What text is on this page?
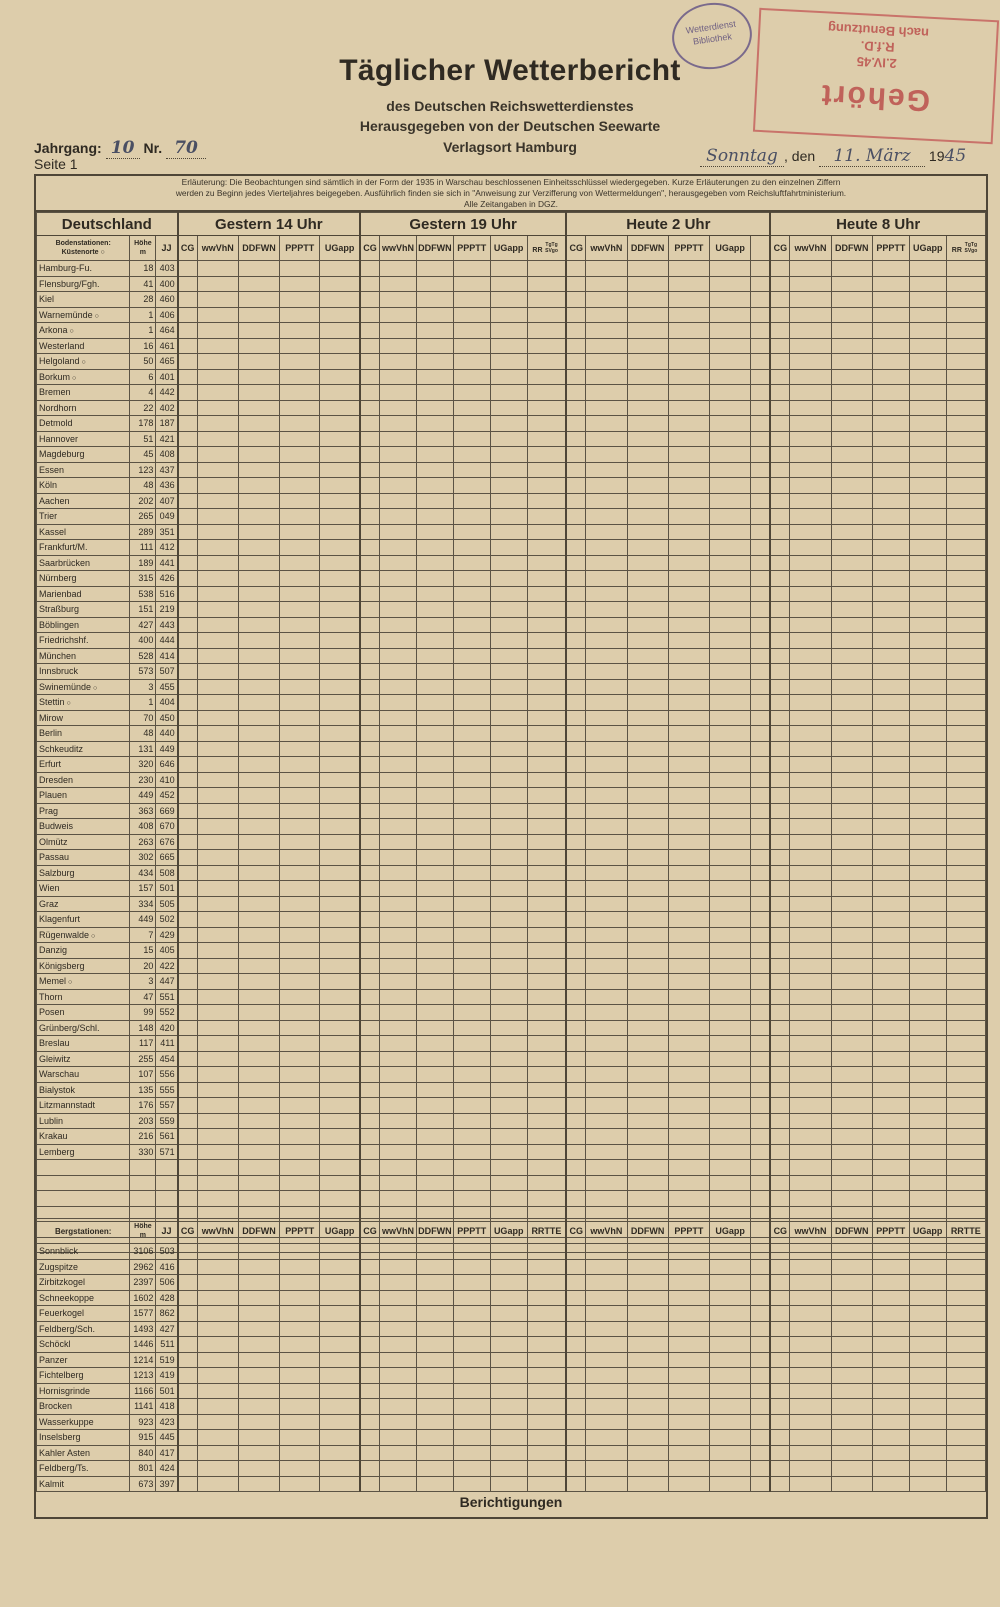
Täglicher Wetterbericht
des Deutschen Reichswetterdienstes
Herausgegeben von der Deutschen Seewarte
Verlagsort Hamburg
Wetterdienst Bibliothek	nach Benutzung
R.f.D.
2.IV.45
Gehört
Jahrgang: 10 Nr. 70
Seite 1	Sonntag , den 11. März 1945
Erläuterung: Die Beobachtungen sind sämtlich in der Form der 1935 in Warschau beschlossenen Einheitsschlüssel wiedergegeben. Kurze Erläuterungen zu den einzelnen Ziffern
werden zu Beginn jedes Vierteljahres beigegeben. Ausführlich finden sie sich in "Anweisung zur Verzifferung von Wettermeldungen", herausgegeben vom Reichsluftfahrtministerium.
Alle Zeitangaben in DGZ.
Deutschland			Gestern 14 Uhr					Gestern 19 Uhr						Heute 2 Uhr						Heute 8 Uhr					
Bodenstationen: Küstenorte ○	Höhe m	JJ	CG	wwVhN	DDFWN	PPPTT	UGapp	CG	wwVhN	DDFWN	PPPTT	UGapp	RRTgTg SVgo	CG	wwVhN	DDFWN	PPPTT	UGapp		CG	wwVhN	DDFWN	PPPTT	UGapp	RRTgTg SVgo
Hamburg-Fu.	18	403																							
Flensburg/Fgh.	41	400																							
Kiel	28	460																							
Warnemünde ○	1	406																							
Arkona ○	1	464																							
Westerland	16	461																							
Helgoland ○	50	465																							
Borkum ○	6	401																							
Bremen	4	442																							
Nordhorn	22	402																							
Detmold	178	187																							
Hannover	51	421																							
Magdeburg	45	408																							
Essen	123	437																							
Köln	48	436																							
Aachen	202	407																							
Trier	265	049																							
Kassel	289	351																							
Frankfurt/M.	111	412																							
Saarbrücken	189	441																							
Nürnberg	315	426																							
Marienbad	538	516																							
Straßburg	151	219																							
Böblingen	427	443																							
Friedrichshf.	400	444																							
München	528	414																							
Innsbruck	573	507																							
Swinemünde ○	3	455																							
Stettin ○	1	404																							
Mirow	70	450																							
Berlin	48	440																							
Schkeuditz	131	449																							
Erfurt	320	646																							
Dresden	230	410																							
Plauen	449	452																							
Prag	363	669																							
Budweis	408	670																							
Olmütz	263	676																							
Passau	302	665																							
Salzburg	434	508																							
Wien	157	501																							
Graz	334	505																							
Klagenfurt	449	502																							
Rügenwalde ○	7	429																							
Danzig	15	405																							
Königsberg	20	422																							
Memel ○	3	447																							
Thorn	47	551																							
Posen	99	552																							
Grünberg/Schl.	148	420																							
Breslau	117	411																							
Gleiwitz	255	454																							
Warschau	107	556																							
Bialystok	135	555																							
Litzmannstadt	176	557																							
Lublin	203	559																							
Krakau	216	561																							
Lemberg	330	571																							

Bergstationen:	Höhe m	JJ	CG	wwVhN	DDFWN	PPPTT	UGapp	CG	wwVhN	DDFWN	PPPTT	UGapp	RRTTE	CG	wwVhN	DDFWN	PPPTT	UGapp		CG	wwVhN	DDFWN	PPPTT	UGapp	RRTTE
Sonnblick	3106	503																							
Zugspitze	2962	416																							
Zirbitzkogel	2397	506																							
Schneekoppe	1602	428																							
Feuerkogel	1577	862																							
Feldberg/Sch.	1493	427																							
Schöckl	1446	511																							
Panzer	1214	519																							
Fichtelberg	1213	419																							
Hornisgrinde	1166	501																							
Brocken	1141	418																							
Wasserkuppe	923	423																							
Inselsberg	915	445																							
Kahler Asten	840	417																							
Feldberg/Ts.	801	424																							
Kalmit	673	397																							
Berichtigungen
